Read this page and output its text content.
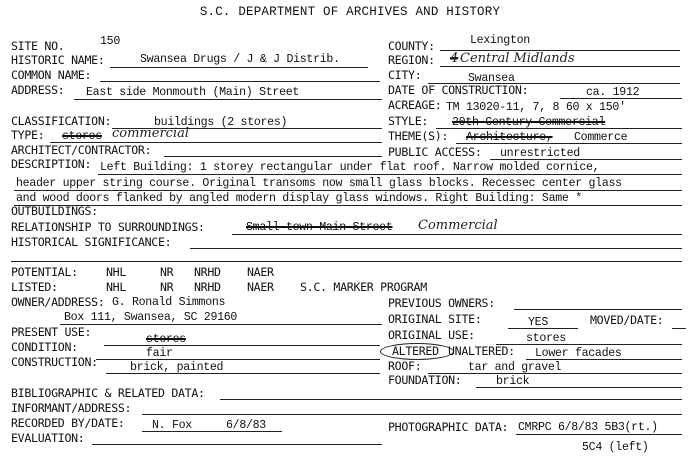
S.C. DEPARTMENT OF ARCHIVES AND HISTORY
SITE NO.	150
HISTORIC NAME:	Swansea Drugs / J & J Distrib.
COMMON NAME:
ADDRESS: East side Monmouth (Main) Street
CLASSIFICATION:	buildings (2 stores)
TYPE: stores commercial
ARCHITECT/CONTRACTOR:
COUNTY:	Lexington
REGION: 4 Central Midlands
CITY:	Swansea
DATE OF CONSTRUCTION:	ca. 1912
ACREAGE: TM 13020-11, 7, 8 60 x 150'
STYLE: 20th Century Commercial
THEME(S): Architecture, Commerce
PUBLIC ACCESS: unrestricted
DESCRIPTION: Left Building: 1 storey rectangular under flat roof. Narrow molded cornice,
header upper string course. Original transoms now small glass blocks. Recessec center glass
and wood doors flanked by angled modern display glass windows. Right Building: Same *
OUTBUILDINGS:
RELATIONSHIP TO SURROUNDINGS:	Small town Main Street Commercial
HISTORICAL SIGNIFICANCE:
POTENTIAL: NHL	NR NRHD NAER
LISTED:	NHL	NR NRHD NAER S.C. MARKER PROGRAM
OWNER/ADDRESS: G. Ronald Simmons
Box 111, Swansea, SC 29160
PRESENT USE:
stores
CONDITION:	fair
CONSTRUCTION:	brick, painted
PREVIOUS OWNERS:
ORIGINAL SITE:	YES	MOVED/DATE:
ORIGINAL USE:	stores
ALTERED UNALTERED: Lower facades
ROOF:	tar and gravel
FOUNDATION:	brick
BIBLIOGRAPHIC & RELATED DATA:
INFORMANT/ADDRESS:
RECORDED BY/DATE: N. Fox	6/8/83	PHOTOGRAPHIC DATA: CMRPC 6/8/83 5B3(rt.)
5C4 (left)
EVALUATION:
